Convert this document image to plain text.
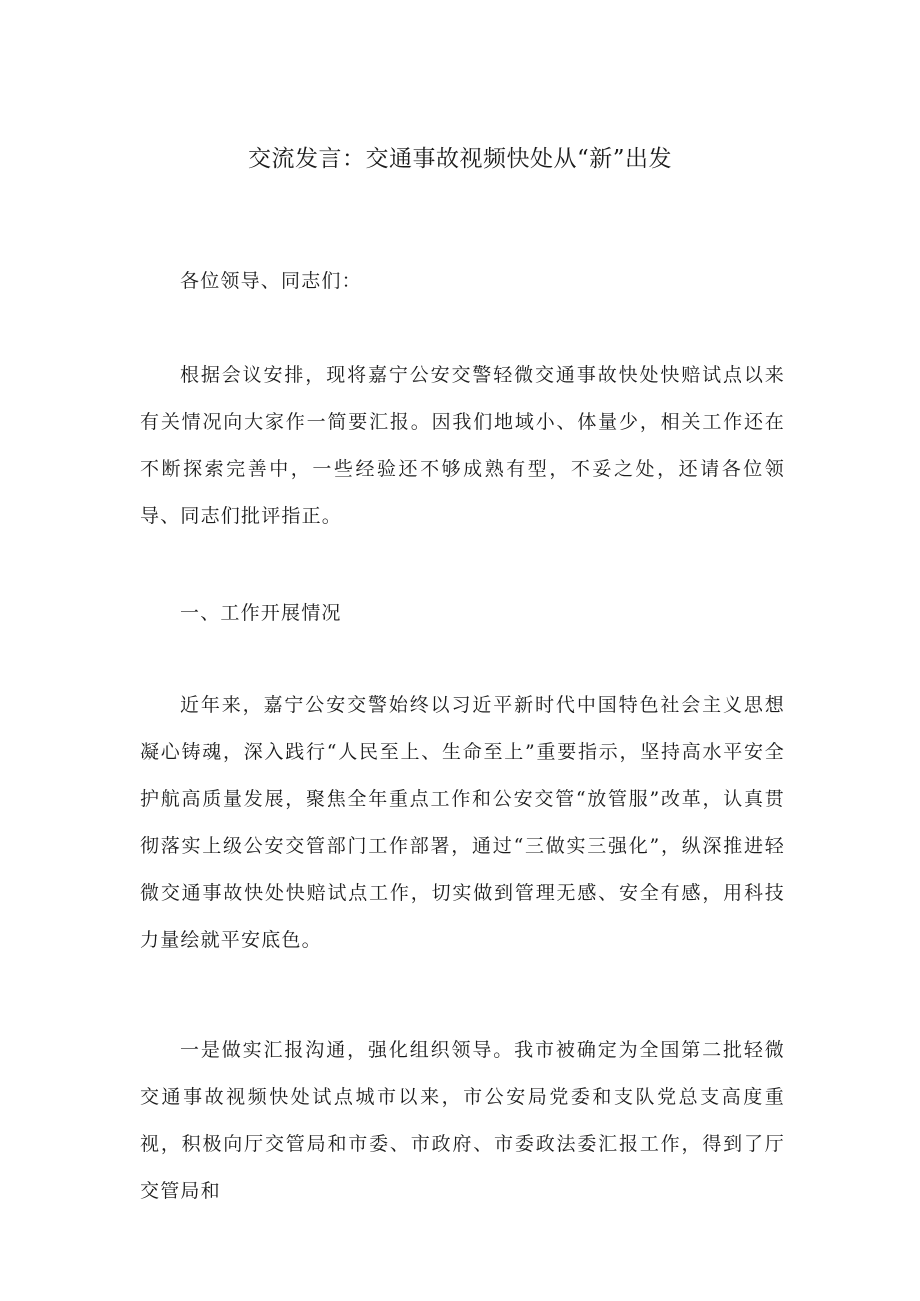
交流发言：交通事故视频快处从“新”出发

各位领导、同志们：

根据会议安排，现将嘉宁公安交警轻微交通事故快处快赔试点以来有关情况向大家作一简要汇报。因我们地域小、体量少，相关工作还在不断探索完善中，一些经验还不够成熟有型，不妥之处，还请各位领导、同志们批评指正。

一、工作开展情况

近年来，嘉宁公安交警始终以习近平新时代中国特色社会主义思想凝心铸魂，深入践行“人民至上、生命至上”重要指示，坚持高水平安全护航高质量发展，聚焦全年重点工作和公安交管“放管服”改革，认真贯彻落实上级公安交管部门工作部署，通过“三做实三强化”，纵深推进轻微交通事故快处快赔试点工作，切实做到管理无感、安全有感，用科技力量绘就平安底色。

一是做实汇报沟通，强化组织领导。我市被确定为全国第二批轻微交通事故视频快处试点城市以来，市公安局党委和支队党总支高度重视，积极向厅交管局和市委、市政府、市委政法委汇报工作，得到了厅交管局和
